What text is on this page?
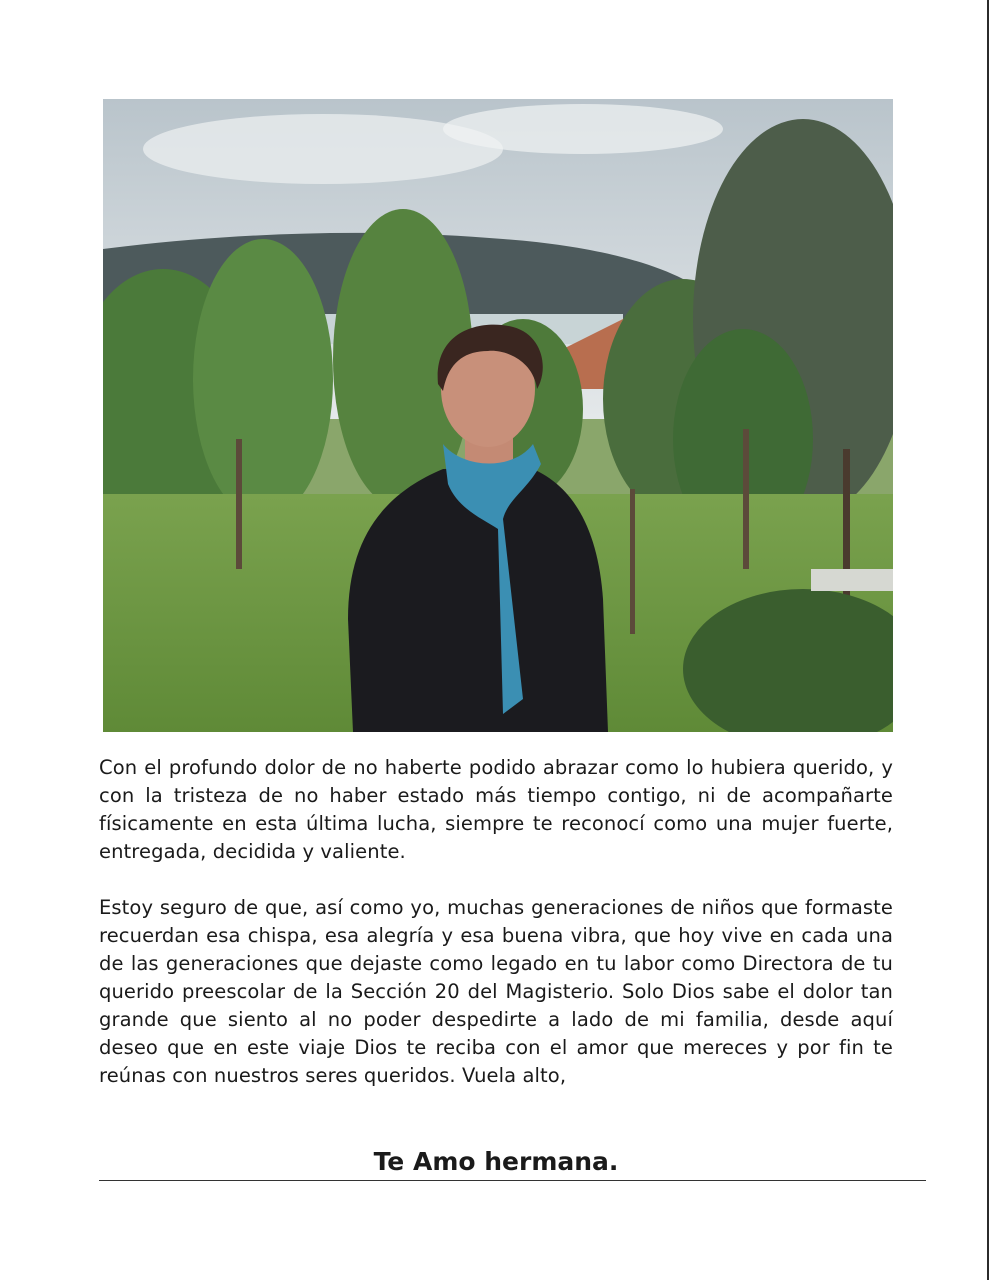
Con el profundo dolor de no haberte podido abrazar como lo hubiera querido, y con la tristeza de no haber estado más tiempo contigo, ni de acompañarte físicamente en esta última lucha, siempre te reconocí como una mujer fuerte, entregada, decidida y valiente.

Estoy seguro de que, así como yo, muchas generaciones de niños que formaste recuerdan esa chispa, esa alegría y esa buena vibra, que hoy vive en cada una de las generaciones que dejaste como legado en tu labor como Directora de tu querido preescolar de la Sección 20 del Magisterio. Solo Dios sabe el dolor tan grande que siento al no poder despedirte a lado de mi familia, desde aquí deseo que en este viaje Dios te reciba con el amor que mereces y por fin te reúnas con nuestros seres queridos. Vuela alto,

Te Amo hermana.
